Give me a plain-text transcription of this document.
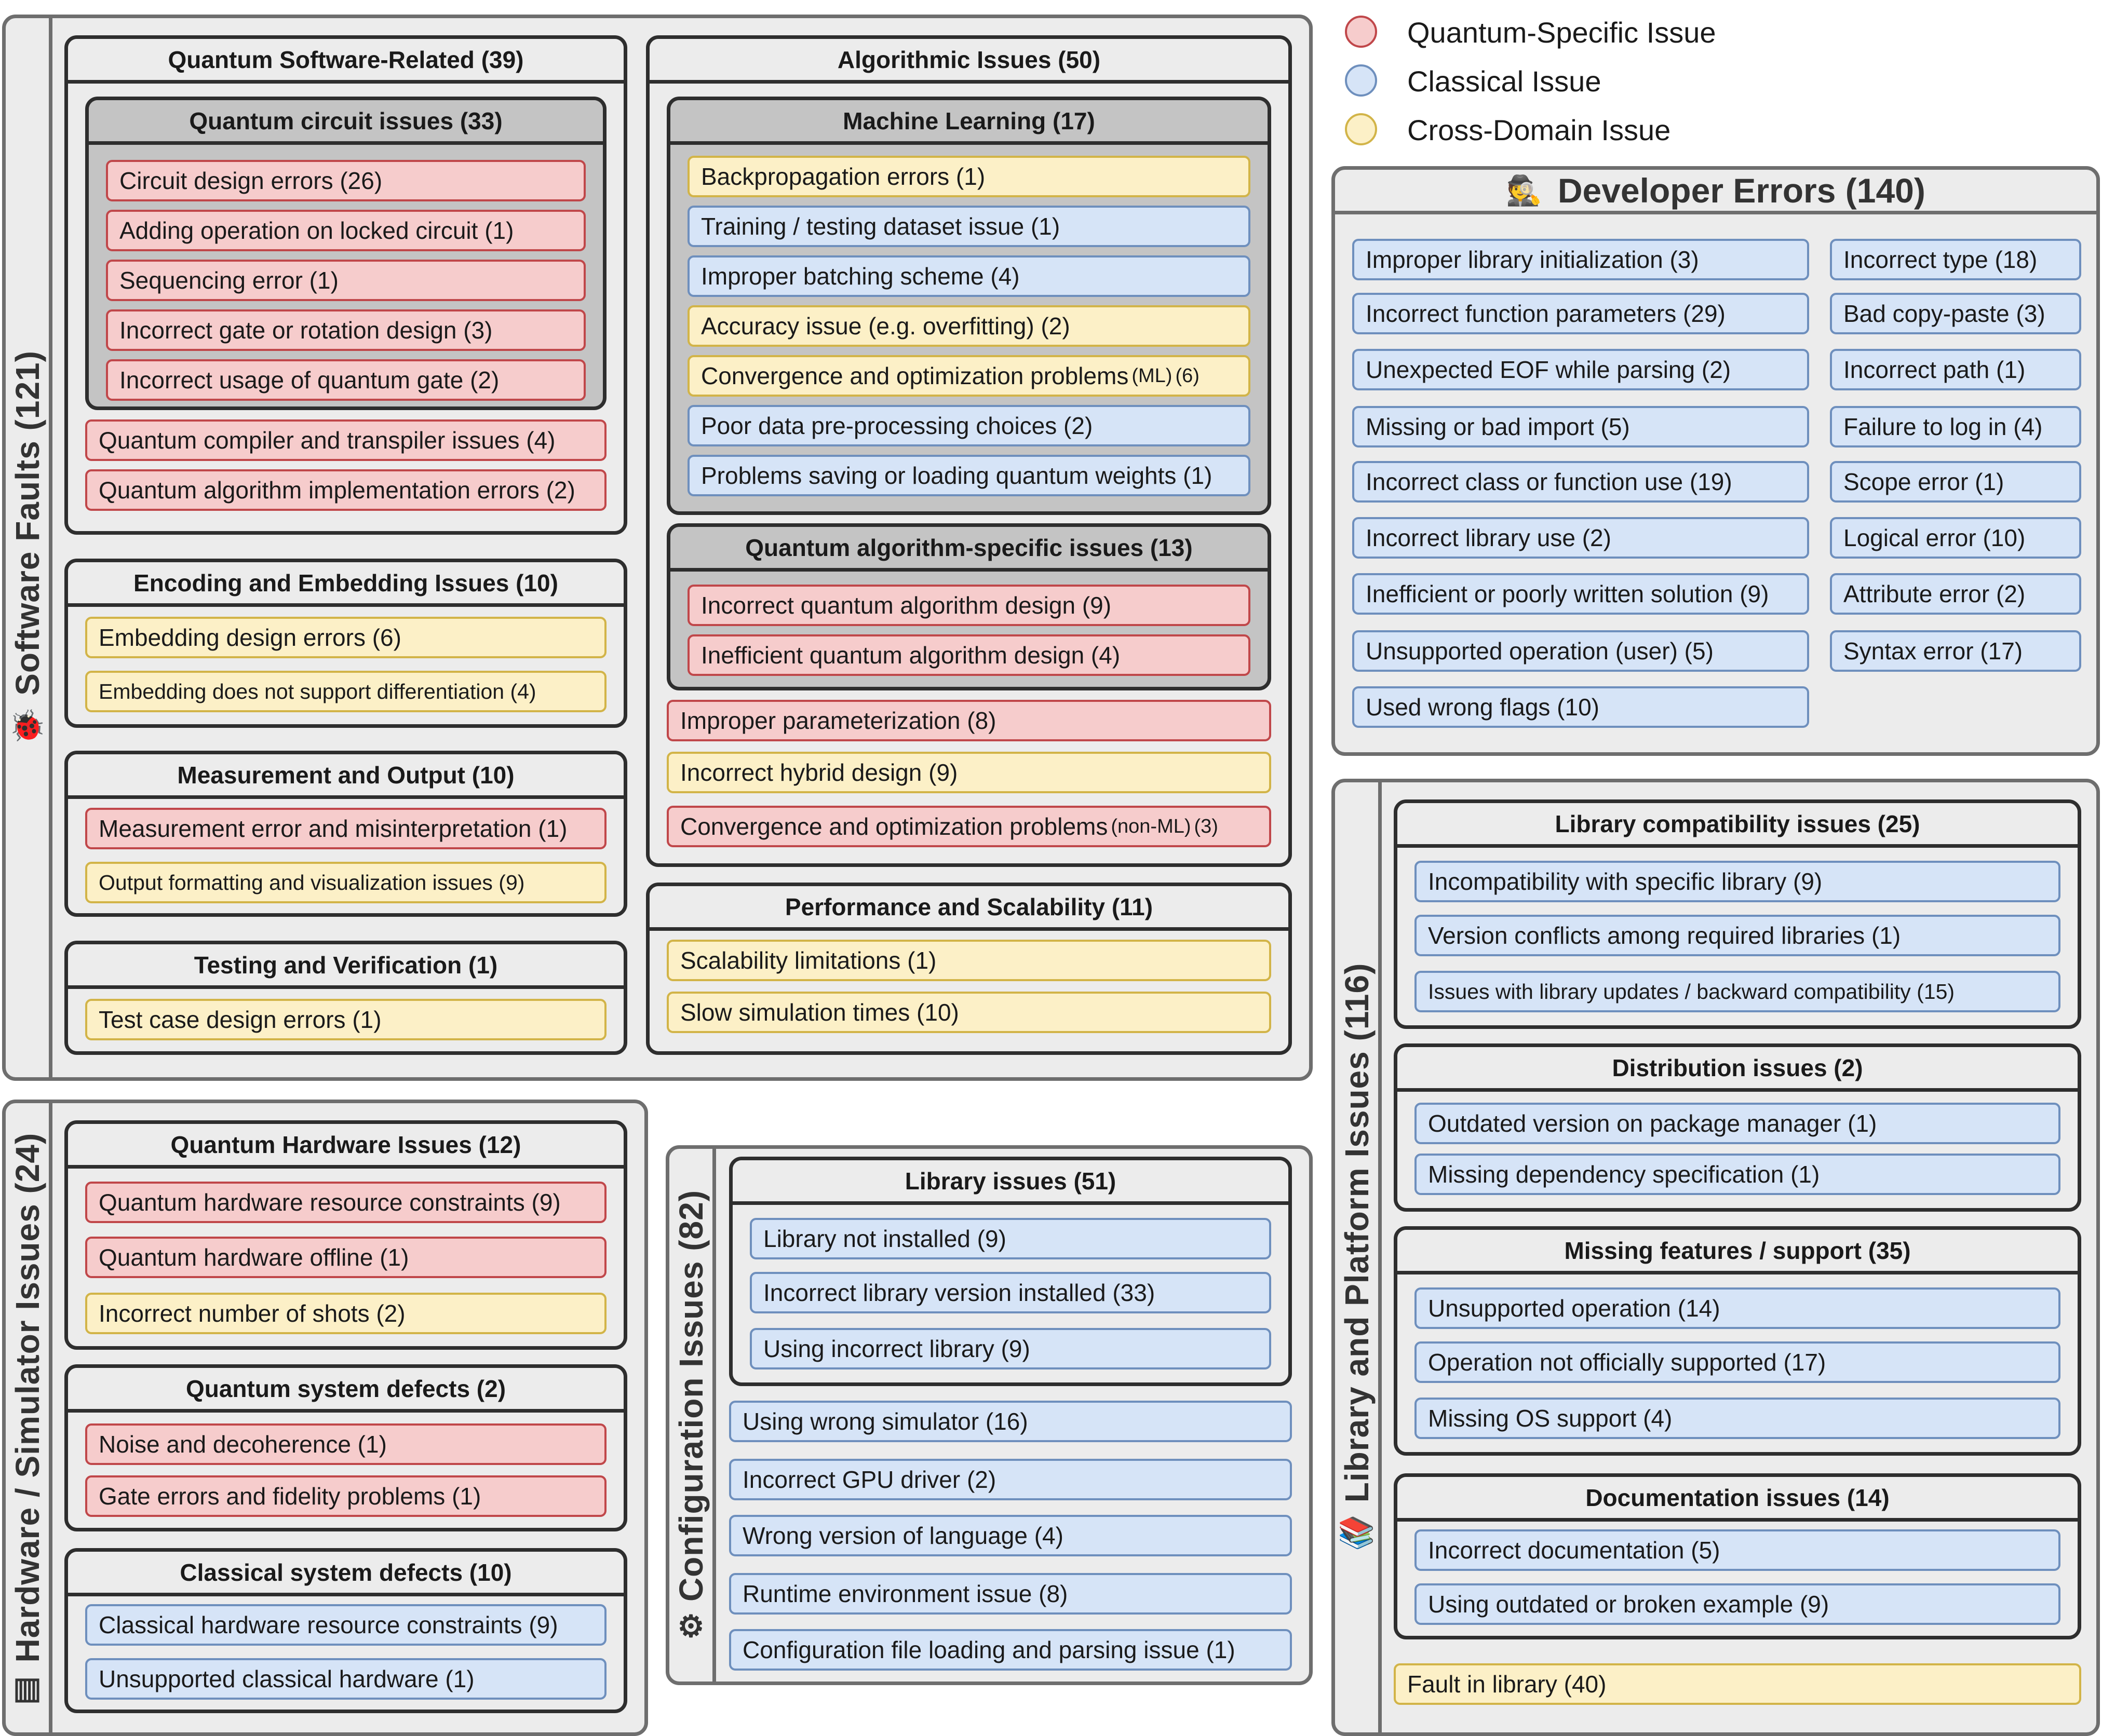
Quantum-Specific Issue
Classical Issue
Cross-Domain Issue
🐞
Software Faults (121)
Quantum Software-Related (39)
Quantum circuit issues (33)
Circuit design errors (26)
Adding operation on locked circuit (1)
Sequencing error (1)
Incorrect gate or rotation design (3)
Incorrect usage of quantum gate (2)
Quantum compiler and transpiler issues (4)
Quantum algorithm implementation errors (2)
Encoding and Embedding Issues (10)
Embedding design errors (6)
Embedding does not support differentiation (4)
Measurement and Output (10)
Measurement error and misinterpretation (1)
Output formatting and visualization issues (9)
Testing and Verification (1)
Test case design errors (1)
Algorithmic Issues (50)
Machine Learning (17)
Backpropagation errors (1)
Training / testing dataset issue (1)
Improper batching scheme (4)
Accuracy issue (e.g. overfitting) (2)
Convergence and optimization problems (ML) (6)
Poor data pre-processing choices (2)
Problems saving or loading quantum weights (1)
Quantum algorithm-specific issues (13)
Incorrect quantum algorithm design (9)
Inefficient quantum algorithm design (4)
Improper parameterization (8)
Incorrect hybrid design (9)
Convergence and optimization problems (non-ML) (3)
Performance and Scalability (11)
Scalability limitations (1)
Slow simulation times (10)
🕵 Developer Errors (140)
Improper library initialization (3)
Incorrect function parameters (29)
Unexpected EOF while parsing (2)
Missing or bad import (5)
Incorrect class or function use (19)
Incorrect library use (2)
Inefficient or poorly written solution (9)
Unsupported operation (user) (5)
Used wrong flags (10)
Incorrect type (18)
Bad copy-paste (3)
Incorrect path (1)
Failure to log in (4)
Scope error (1)
Logical error (10)
Attribute error (2)
Syntax error (17)
▥
Hardware / Simulator Issues (24)	Quantum Hardware Issues (12)
Quantum hardware resource constraints (9)
Quantum hardware offline (1)
Incorrect number of shots (2)
Quantum system defects (2)
Noise and decoherence (1)
Gate errors and fidelity problems (1)
Classical system defects (10)
Classical hardware resource constraints (9)
Unsupported classical hardware (1)
⚙
Configuration Issues (82)
Library issues (51)
Library not installed (9)
Incorrect library version installed (33)
Using incorrect library (9)
Using wrong simulator (16)
Incorrect GPU driver (2)
Wrong version of language (4)
Runtime environment issue (8)
Configuration file loading and parsing issue (1)
📚
Library and Platform Issues (116)
Library compatibility issues (25)
Incompatibility with specific library (9)
Version conflicts among required libraries (1)
Issues with library updates / backward compatibility (15)
Distribution issues (2)
Outdated version on package manager (1)
Missing dependency specification (1)
Missing features / support (35)
Unsupported operation (14)
Operation not officially supported (17)
Missing OS support (4)
Documentation issues (14)
Incorrect documentation (5)
Using outdated or broken example (9)
Fault in library (40)
